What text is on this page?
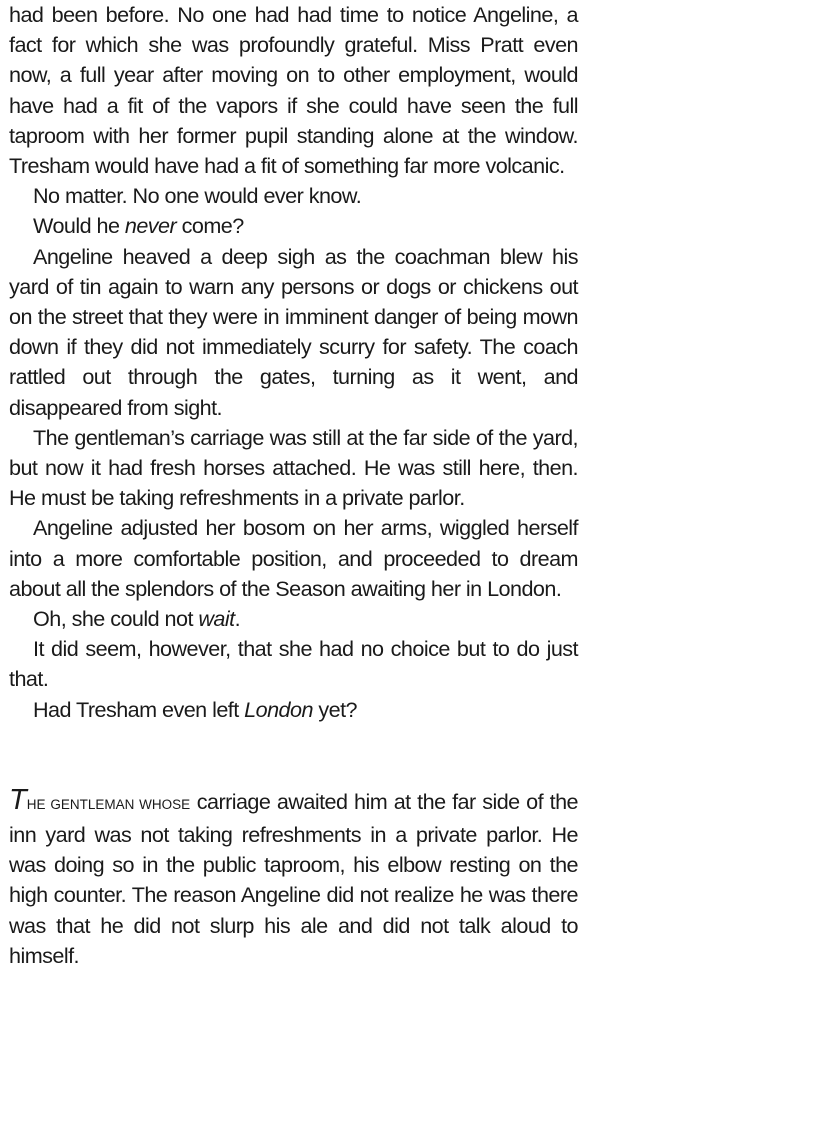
had been before. No one had had time to notice Angeline, a fact for which she was profoundly grateful. Miss Pratt even now, a full year after moving on to other employment, would have had a fit of the vapors if she could have seen the full taproom with her former pupil standing alone at the window. Tresham would have had a fit of something far more volcanic.

No matter. No one would ever know.

Would he never come?

Angeline heaved a deep sigh as the coachman blew his yard of tin again to warn any persons or dogs or chickens out on the street that they were in imminent danger of being mown down if they did not immediately scurry for safety. The coach rattled out through the gates, turning as it went, and disappeared from sight.

The gentleman’s carriage was still at the far side of the yard, but now it had fresh horses attached. He was still here, then. He must be taking refreshments in a private parlor.

Angeline adjusted her bosom on her arms, wiggled herself into a more comfortable position, and proceeded to dream about all the splendors of the Season awaiting her in London.

Oh, she could not wait.

It did seem, however, that she had no choice but to do just that.

Had Tresham even left London yet?

THE GENTLEMAN WHOSE carriage awaited him at the far side of the inn yard was not taking refreshments in a private parlor. He was doing so in the public taproom, his elbow resting on the high counter. The reason Angeline did not realize he was there was that he did not slurp his ale and did not talk aloud to himself.
